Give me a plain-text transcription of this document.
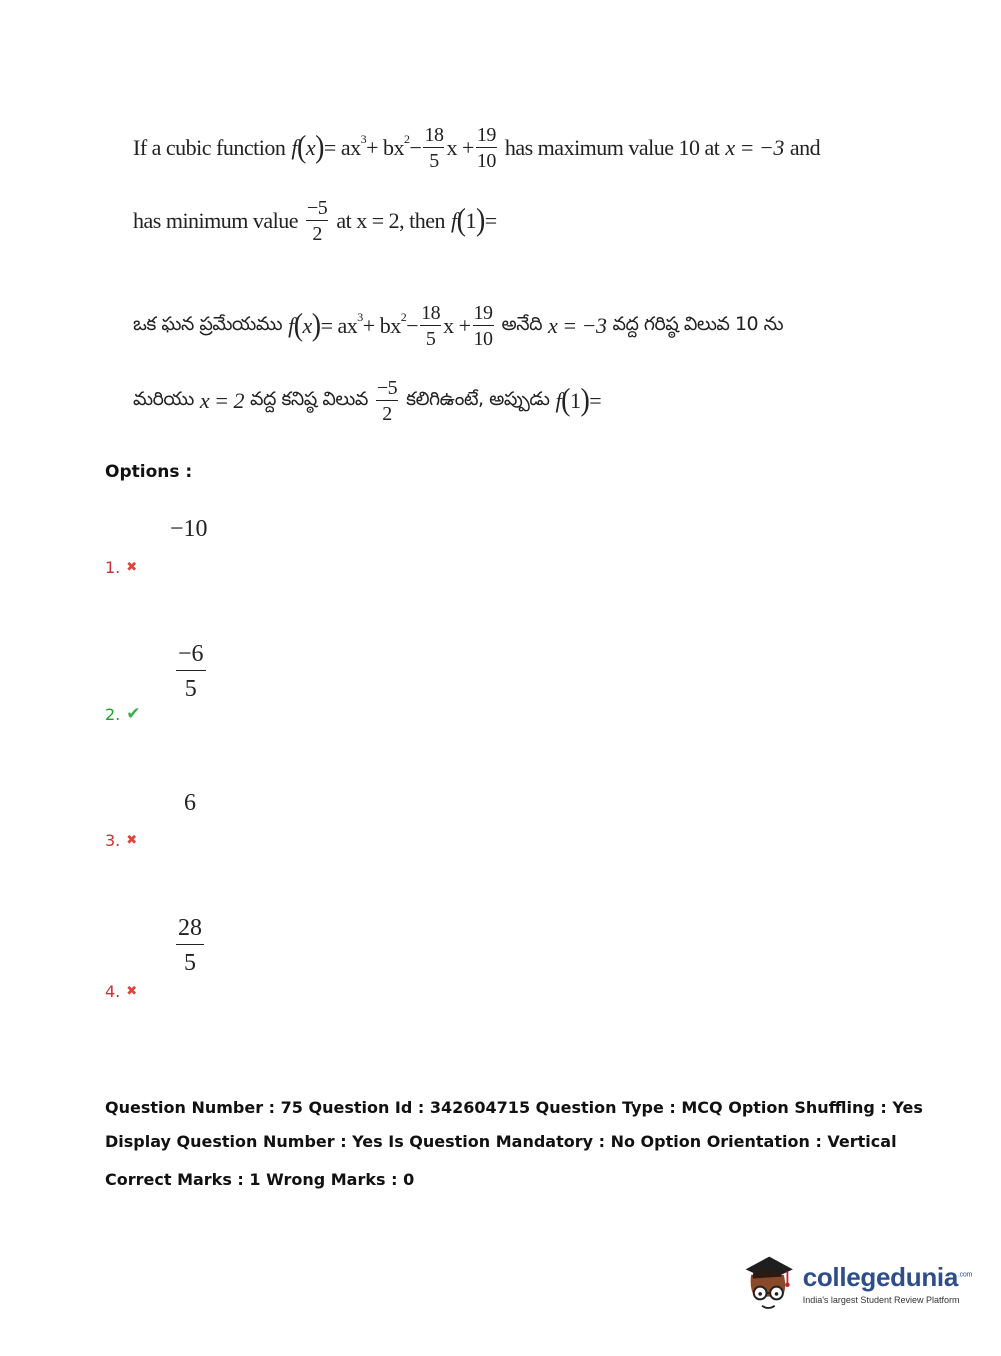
If a cubic function f ( x ) = ax 3 + bx $2 - \frac{18}{5}$ $x + \frac{19}{10}$ has maximum value 10 at x = −3 and
has minimum value $\frac{-5}{2}$ at x = 2, then f ( 1 ) =
ఒక ఘన ప్రమేయము f ( x ) = ax 3 + bx $2 - \frac{18}{5}$ $x + \frac{19}{10}$ అనేది x = −3 వద్ద గరిష్ఠ విలువ 10 ను
మరియు x = 2 వద్ద కనిష్ఠ విలువ $\frac{-5}{2}$ కలిగిఉంటే, అప్పుడు f ( 1 ) =
Options :
−10
1. ✖
$\frac{-6}{5}$
2. ✔
6
3. ✖
$\frac{28}{5}$
4. ✖
Question Number : 75 Question Id : 342604715 Question Type : MCQ Option Shuffling : Yes
Display Question Number : Yes Is Question Mandatory : No Option Orientation : Vertical
Correct Marks : 1 Wrong Marks : 0
collegedunia$^{.com}$
India's largest Student Review Platform
